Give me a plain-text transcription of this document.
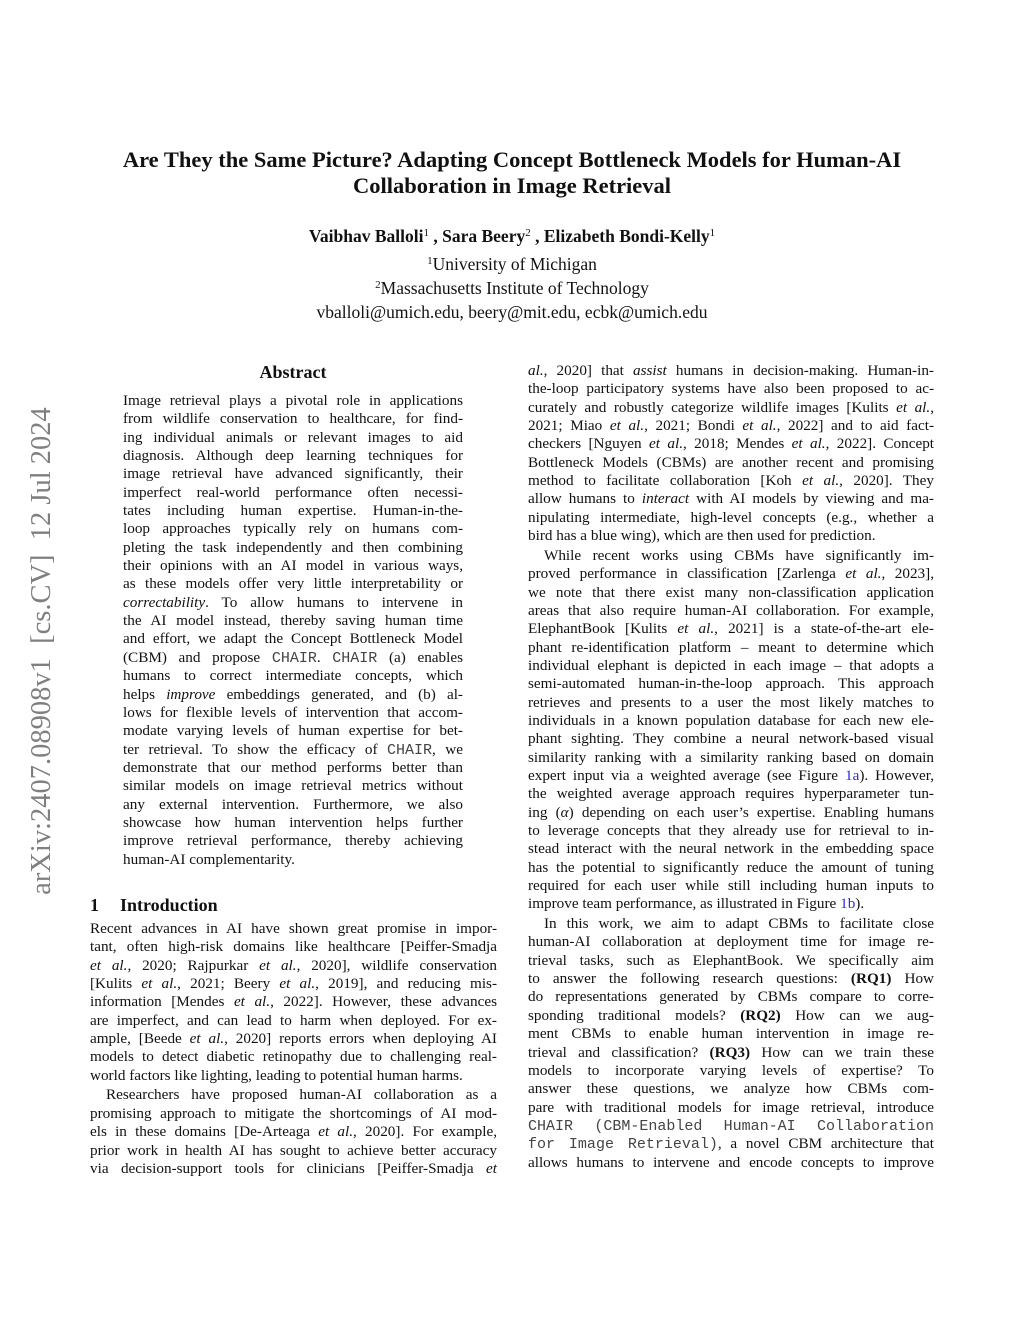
arXiv:2407.08908v1  [cs.CV]  12 Jul 2024
Are They the Same Picture? Adapting Concept Bottleneck Models for Human-AI
Collaboration in Image Retrieval
Vaibhav Balloli$^1$ , Sara Beery$^2$ , Elizabeth Bondi-Kelly$^1$
$^1$University of Michigan
$^2$Massachusetts Institute of Technology
vballoli@umich.edu, beery@mit.edu, ecbk@umich.edu
Abstract
Image retrieval plays a pivotal role in applications
from wildlife conservation to healthcare, for find-
ing individual animals or relevant images to aid
diagnosis. Although deep learning techniques for
image retrieval have advanced significantly, their
imperfect real-world performance often necessi-
tates including human expertise. Human-in-the-
loop approaches typically rely on humans com-
pleting the task independently and then combining
their opinions with an AI model in various ways,
as these models offer very little interpretability or
correctability. To allow humans to intervene in
the AI model instead, thereby saving human time
and effort, we adapt the Concept Bottleneck Model
(CBM) and propose CHAIR. CHAIR (a) enables
humans to correct intermediate concepts, which
helps improve embeddings generated, and (b) al-
lows for flexible levels of intervention that accom-
modate varying levels of human expertise for bet-
ter retrieval. To show the efficacy of CHAIR, we
demonstrate that our method performs better than
similar models on image retrieval metrics without
any external intervention. Furthermore, we also
showcase how human intervention helps further
improve retrieval performance, thereby achieving
human-AI complementarity.
1 Introduction
Recent advances in AI have shown great promise in impor-
tant, often high-risk domains like healthcare [Peiffer-Smadja
et al., 2020; Rajpurkar et al., 2020], wildlife conservation
[Kulits et al., 2021; Beery et al., 2019], and reducing mis-
information [Mendes et al., 2022]. However, these advances
are imperfect, and can lead to harm when deployed. For ex-
ample, [Beede et al., 2020] reports errors when deploying AI
models to detect diabetic retinopathy due to challenging real-
world factors like lighting, leading to potential human harms.
Researchers have proposed human-AI collaboration as a
promising approach to mitigate the shortcomings of AI mod-
els in these domains [De-Arteaga et al., 2020]. For example,
prior work in health AI has sought to achieve better accuracy
via decision-support tools for clinicians [Peiffer-Smadja et
al., 2020] that assist humans in decision-making. Human-in-
the-loop participatory systems have also been proposed to ac-
curately and robustly categorize wildlife images [Kulits et al.,
2021; Miao et al., 2021; Bondi et al., 2022] and to aid fact-
checkers [Nguyen et al., 2018; Mendes et al., 2022]. Concept
Bottleneck Models (CBMs) are another recent and promising
method to facilitate collaboration [Koh et al., 2020]. They
allow humans to interact with AI models by viewing and ma-
nipulating intermediate, high-level concepts (e.g., whether a
bird has a blue wing), which are then used for prediction.
While recent works using CBMs have significantly im-
proved performance in classification [Zarlenga et al., 2023],
we note that there exist many non-classification application
areas that also require human-AI collaboration. For example,
ElephantBook [Kulits et al., 2021] is a state-of-the-art ele-
phant re-identification platform – meant to determine which
individual elephant is depicted in each image – that adopts a
semi-automated human-in-the-loop approach. This approach
retrieves and presents to a user the most likely matches to
individuals in a known population database for each new ele-
phant sighting. They combine a neural network-based visual
similarity ranking with a similarity ranking based on domain
expert input via a weighted average (see Figure 1a). However,
the weighted average approach requires hyperparameter tun-
ing (α) depending on each user’s expertise. Enabling humans
to leverage concepts that they already use for retrieval to in-
stead interact with the neural network in the embedding space
has the potential to significantly reduce the amount of tuning
required for each user while still including human inputs to
improve team performance, as illustrated in Figure 1b).
In this work, we aim to adapt CBMs to facilitate close
human-AI collaboration at deployment time for image re-
trieval tasks, such as ElephantBook. We specifically aim
to answer the following research questions: (RQ1) How
do representations generated by CBMs compare to corre-
sponding traditional models? (RQ2) How can we aug-
ment CBMs to enable human intervention in image re-
trieval and classification? (RQ3) How can we train these
models to incorporate varying levels of expertise? To
answer these questions, we analyze how CBMs com-
pare with traditional models for image retrieval, introduce
CHAIR (CBM-Enabled Human-AI Collaboration
for Image Retrieval), a novel CBM architecture that
allows humans to intervene and encode concepts to improve
